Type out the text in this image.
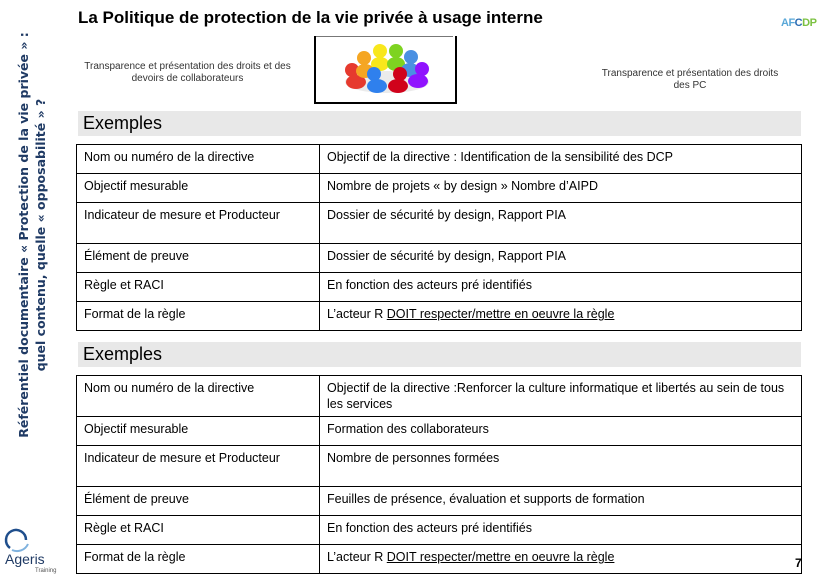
Référentiel documentaire « Protection de la vie privée » : quel contenu, quelle « opposabilité » ?
La Politique de protection de la vie privée à usage interne	AFCDP
Transparence et présentation des droits et des devoirs de collaborateurs	Transparence et présentation des droits des PC
Exemples
Nom ou numéro de la directive	Objectif de la directive : Identification de la sensibilité des DCP
Objectif mesurable	Nombre de projets « by design » Nombre d’AIPD
Indicateur de mesure et Producteur	Dossier de sécurité by design, Rapport PIA
Élément de preuve	Dossier de sécurité by design, Rapport PIA
Règle et RACI	En fonction des acteurs pré identifiés
Format de la règle	L’acteur R DOIT respecter/mettre en oeuvre la règle
Exemples
Nom ou numéro de la directive	Objectif de la directive :Renforcer la culture informatique et libertés au sein de tous les services
Objectif mesurable	Formation des collaborateurs
Indicateur de mesure et Producteur	Nombre de personnes formées
Élément de preuve	Feuilles de présence, évaluation et supports de formation
Règle et RACI	En fonction des acteurs pré identifiés
Format de la règle	L’acteur R DOIT respecter/mettre en oeuvre la règle
Ageris
Training
7
